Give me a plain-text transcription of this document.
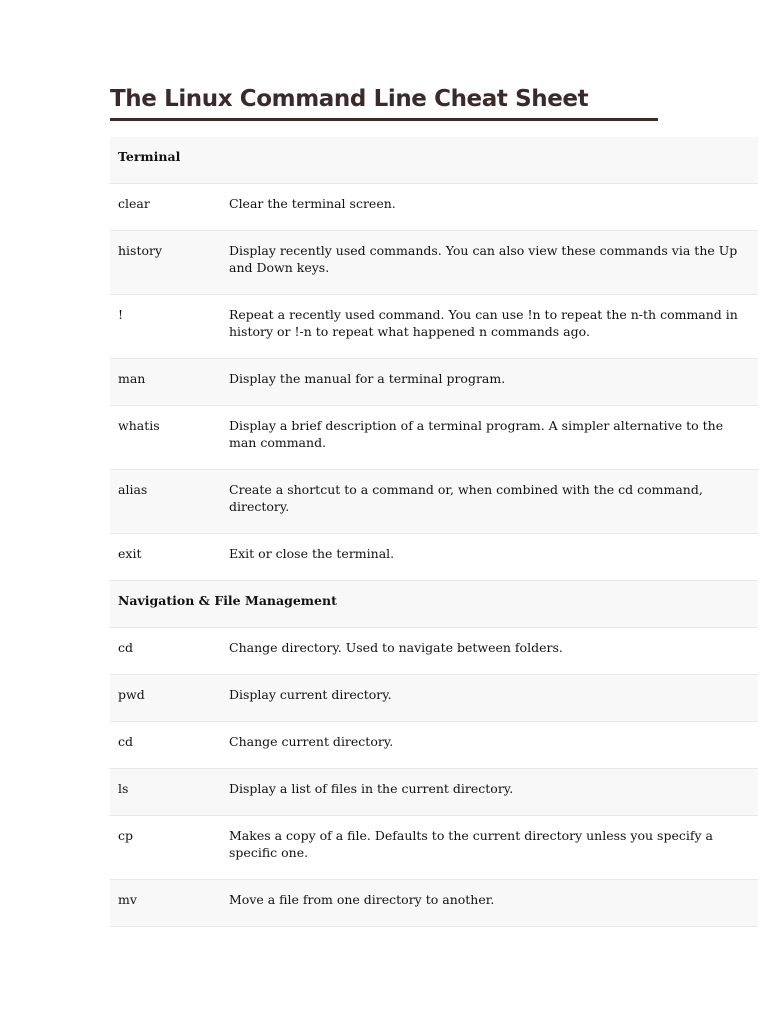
The Linux Command Line Cheat Sheet
Terminal
clear	Clear the terminal screen.
history	Display recently used commands. You can also view these commands via the Up and Down keys.
!	Repeat a recently used command. You can use !n to repeat the n-th command in history or !-n to repeat what happened n commands ago.
man	Display the manual for a terminal program.
whatis	Display a brief description of a terminal program. A simpler alternative to the man command.
alias	Create a shortcut to a command or, when combined with the cd command, directory.
exit	Exit or close the terminal.
Navigation & File Management
cd	Change directory. Used to navigate between folders.
pwd	Display current directory.
cd	Change current directory.
ls	Display a list of files in the current directory.
cp	Makes a copy of a file. Defaults to the current directory unless you specify a specific one.
mv	Move a file from one directory to another.
